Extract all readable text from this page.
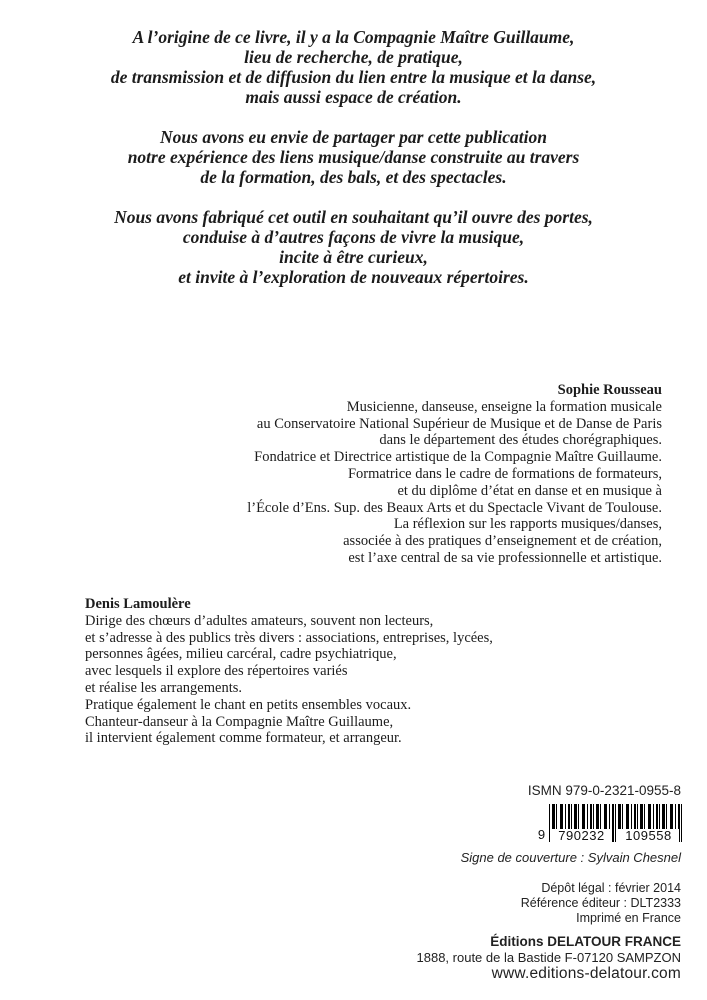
A l’origine de ce livre, il y a la Compagnie Maître Guillaume,
lieu de recherche, de pratique,
de transmission et de diffusion du lien entre la musique et la danse,
mais aussi espace de création.
Nous avons eu envie de partager par cette publication
notre expérience des liens musique/danse construite au travers
de la formation, des bals, et des spectacles.
Nous avons fabriqué cet outil en souhaitant qu’il ouvre des portes,
conduise à d’autres façons de vivre la musique,
incite à être curieux,
et invite à l’exploration de nouveaux répertoires.
Sophie Rousseau
Musicienne, danseuse, enseigne la formation musicale
au Conservatoire National Supérieur de Musique et de Danse de Paris
dans le département des études chorégraphiques.
Fondatrice et Directrice artistique de la Compagnie Maître Guillaume.
Formatrice dans le cadre de formations de formateurs,
et du diplôme d’état en danse et en musique à
l’École d’Ens. Sup. des Beaux Arts et du Spectacle Vivant de Toulouse.
La réflexion sur les rapports musiques/danses,
associée à des pratiques d’enseignement et de création,
est l’axe central de sa vie professionnelle et artistique.
Denis Lamoulère
Dirige des chœurs d’adultes amateurs, souvent non lecteurs,
et s’adresse à des publics très divers : associations, entreprises, lycées,
personnes âgées, milieu carcéral, cadre psychiatrique,
avec lesquels il explore des répertoires variés
et réalise les arrangements.
Pratique également le chant en petits ensembles vocaux.
Chanteur-danseur à la Compagnie Maître Guillaume,
il intervient également comme formateur, et arrangeur.
ISMN 979-0-2321-0955-8
9	790232	109558
Signe de couverture : Sylvain Chesnel
Dépôt légal : février 2014
Référence éditeur : DLT2333
Imprimé en France
Éditions DELATOUR FRANCE
1888, route de la Bastide F-07120 SAMPZON
www.editions-delatour.com
